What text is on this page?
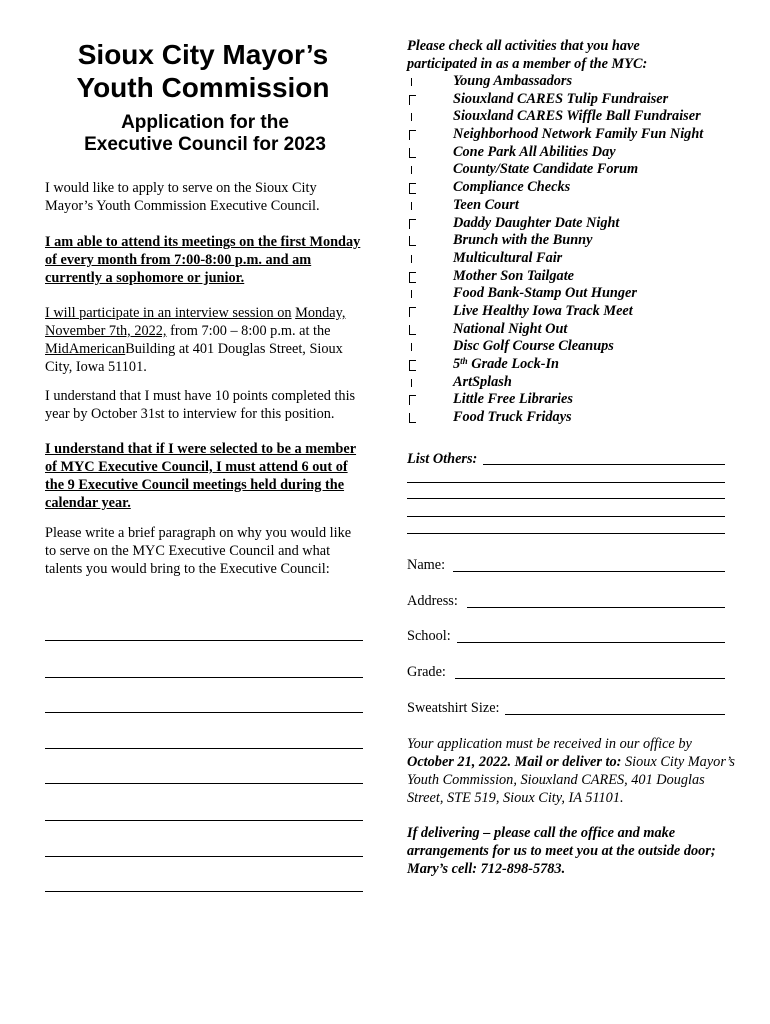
Sioux City Mayor’s
Youth Commission
Application for the
Executive Council for 2023
I would like to apply to serve on the Sioux City Mayor’s Youth Commission Executive Council.
I am able to attend its meetings on the first Monday of every month from 7:00-8:00 p.m. and am currently a sophomore or junior.
I will participate in an interview session on Monday, November 7th, 2022, from 7:00 – 8:00 p.m. at the MidAmericanBuilding at 401 Douglas Street, Sioux City, Iowa 51101.
I understand that I must have 10 points completed this year by October 31st to interview for this position.
I understand that if I were selected to be a member of MYC Executive Council, I must attend 6 out of the 9 Executive Council meetings held during the calendar year.
Please write a brief paragraph on why you would like to serve on the MYC Executive Council and what talents you would bring to the Executive Council:
Please check all activities that you have
participated in as a member of the MYC:
Young Ambassadors
Siouxland CARES Tulip Fundraiser
Siouxland CARES Wiffle Ball Fundraiser
Neighborhood Network Family Fun Night
Cone Park All Abilities Day
County/State Candidate Forum
Compliance Checks
Teen Court
Daddy Daughter Date Night
Brunch with the Bunny
Multicultural Fair
Mother Son Tailgate
Food Bank-Stamp Out Hunger
Live Healthy Iowa Track Meet
National Night Out
Disc Golf Course Cleanups
5th Grade Lock-In
ArtSplash
Little Free Libraries
Food Truck Fridays
List Others:
Name:
Address:
School:
Grade:
Sweatshirt Size:
Your application must be received in our office by October 21, 2022. Mail or deliver to: Sioux City Mayor’s Youth Commission, Siouxland CARES, 401 Douglas Street, STE 519, Sioux City, IA 51101.
If delivering – please call the office and make arrangements for us to meet you at the outside door; Mary’s cell: 712-898-5783.
